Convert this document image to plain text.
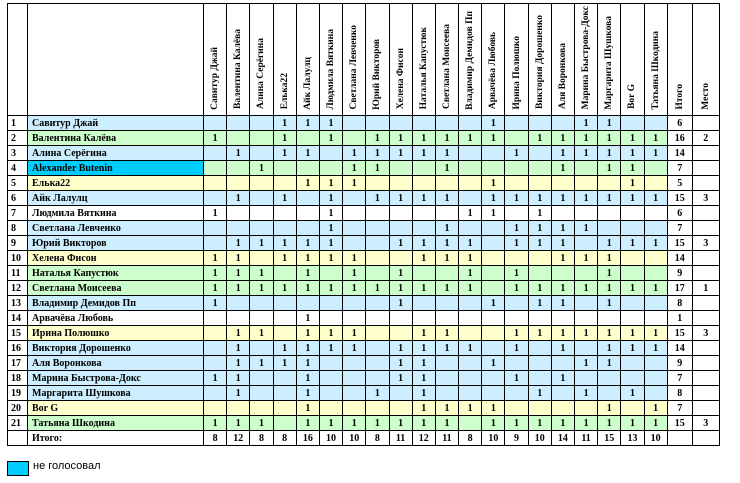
		Савитур Джай	Валентина Калёва	Алина Серёгина	Елька22	Айк Лалулц	Людмила Вяткина	Светлана Левченко	Юрий Викторов	Хелена Фисон	Наталья Капустюк	Светлана Моисеева	Владимир Демидов Пп	Арвачёва Любовь	Ирина Полюшко	Виктория Дорошенко	Аля Воронкова	Марина Быстрова-Докс	Маргарита Шушкова	Bor G	Татьяна Шкодина	Итого	Место
1	Савитур Джай				1	1	1							1				1	1			6	
2	Валентина Калёва	1			1		1		1	1	1	1	1	1		1	1	1	1	1	1	16	2
3	Алина Серёгина		1		1	1		1	1	1	1	1			1		1	1	1	1	1	14	
4	Alexander Butenin			1				1	1			1					1		1	1		7	
5	Елька22					1	1	1						1						1		5	
6	Айк Лалулц		1		1		1		1	1	1	1		1	1	1	1	1	1	1	1	15	3
7	Людмила Вяткина	1					1						1	1		1						6	
8	Светлана Левченко						1					1			1	1	1	1				7	
9	Юрий Викторов		1	1	1	1	1			1	1	1	1		1	1	1		1	1	1	15	3
10	Хелена Фисон	1	1		1	1	1	1			1	1	1				1	1	1			14	
11	Наталья Капустюк	1	1	1		1		1		1			1		1				1			9	
12	Светлана Моисеева	1	1	1	1	1	1	1	1	1	1	1	1		1	1	1	1	1	1	1	17	1
13	Владимир Демидов Пп	1								1				1		1	1		1			8	
14	Арвачёва Любовь					1																1	
15	Ирина Полюшко		1	1		1	1	1			1	1			1	1	1	1	1	1	1	15	3
16	Виктория Дорошенко		1		1	1	1	1		1	1	1	1		1		1		1	1	1	14	
17	Аля Воронкова		1	1	1	1				1	1			1				1	1			9	
18	Марина Быстрова-Докс	1	1			1				1	1				1		1					7	
19	Маргарита Шушкова		1			1			1		1					1		1		1		8	
20	Bor G					1					1	1	1	1					1		1	7	
21	Татьяна Шкодина	1	1	1		1	1	1	1	1	1	1		1	1	1	1	1	1	1	1	15	3
	Итого:	8	12	8	8	16	10	10	8	11	12	11	8	10	9	10	14	11	15	13	10		
не голосовал
